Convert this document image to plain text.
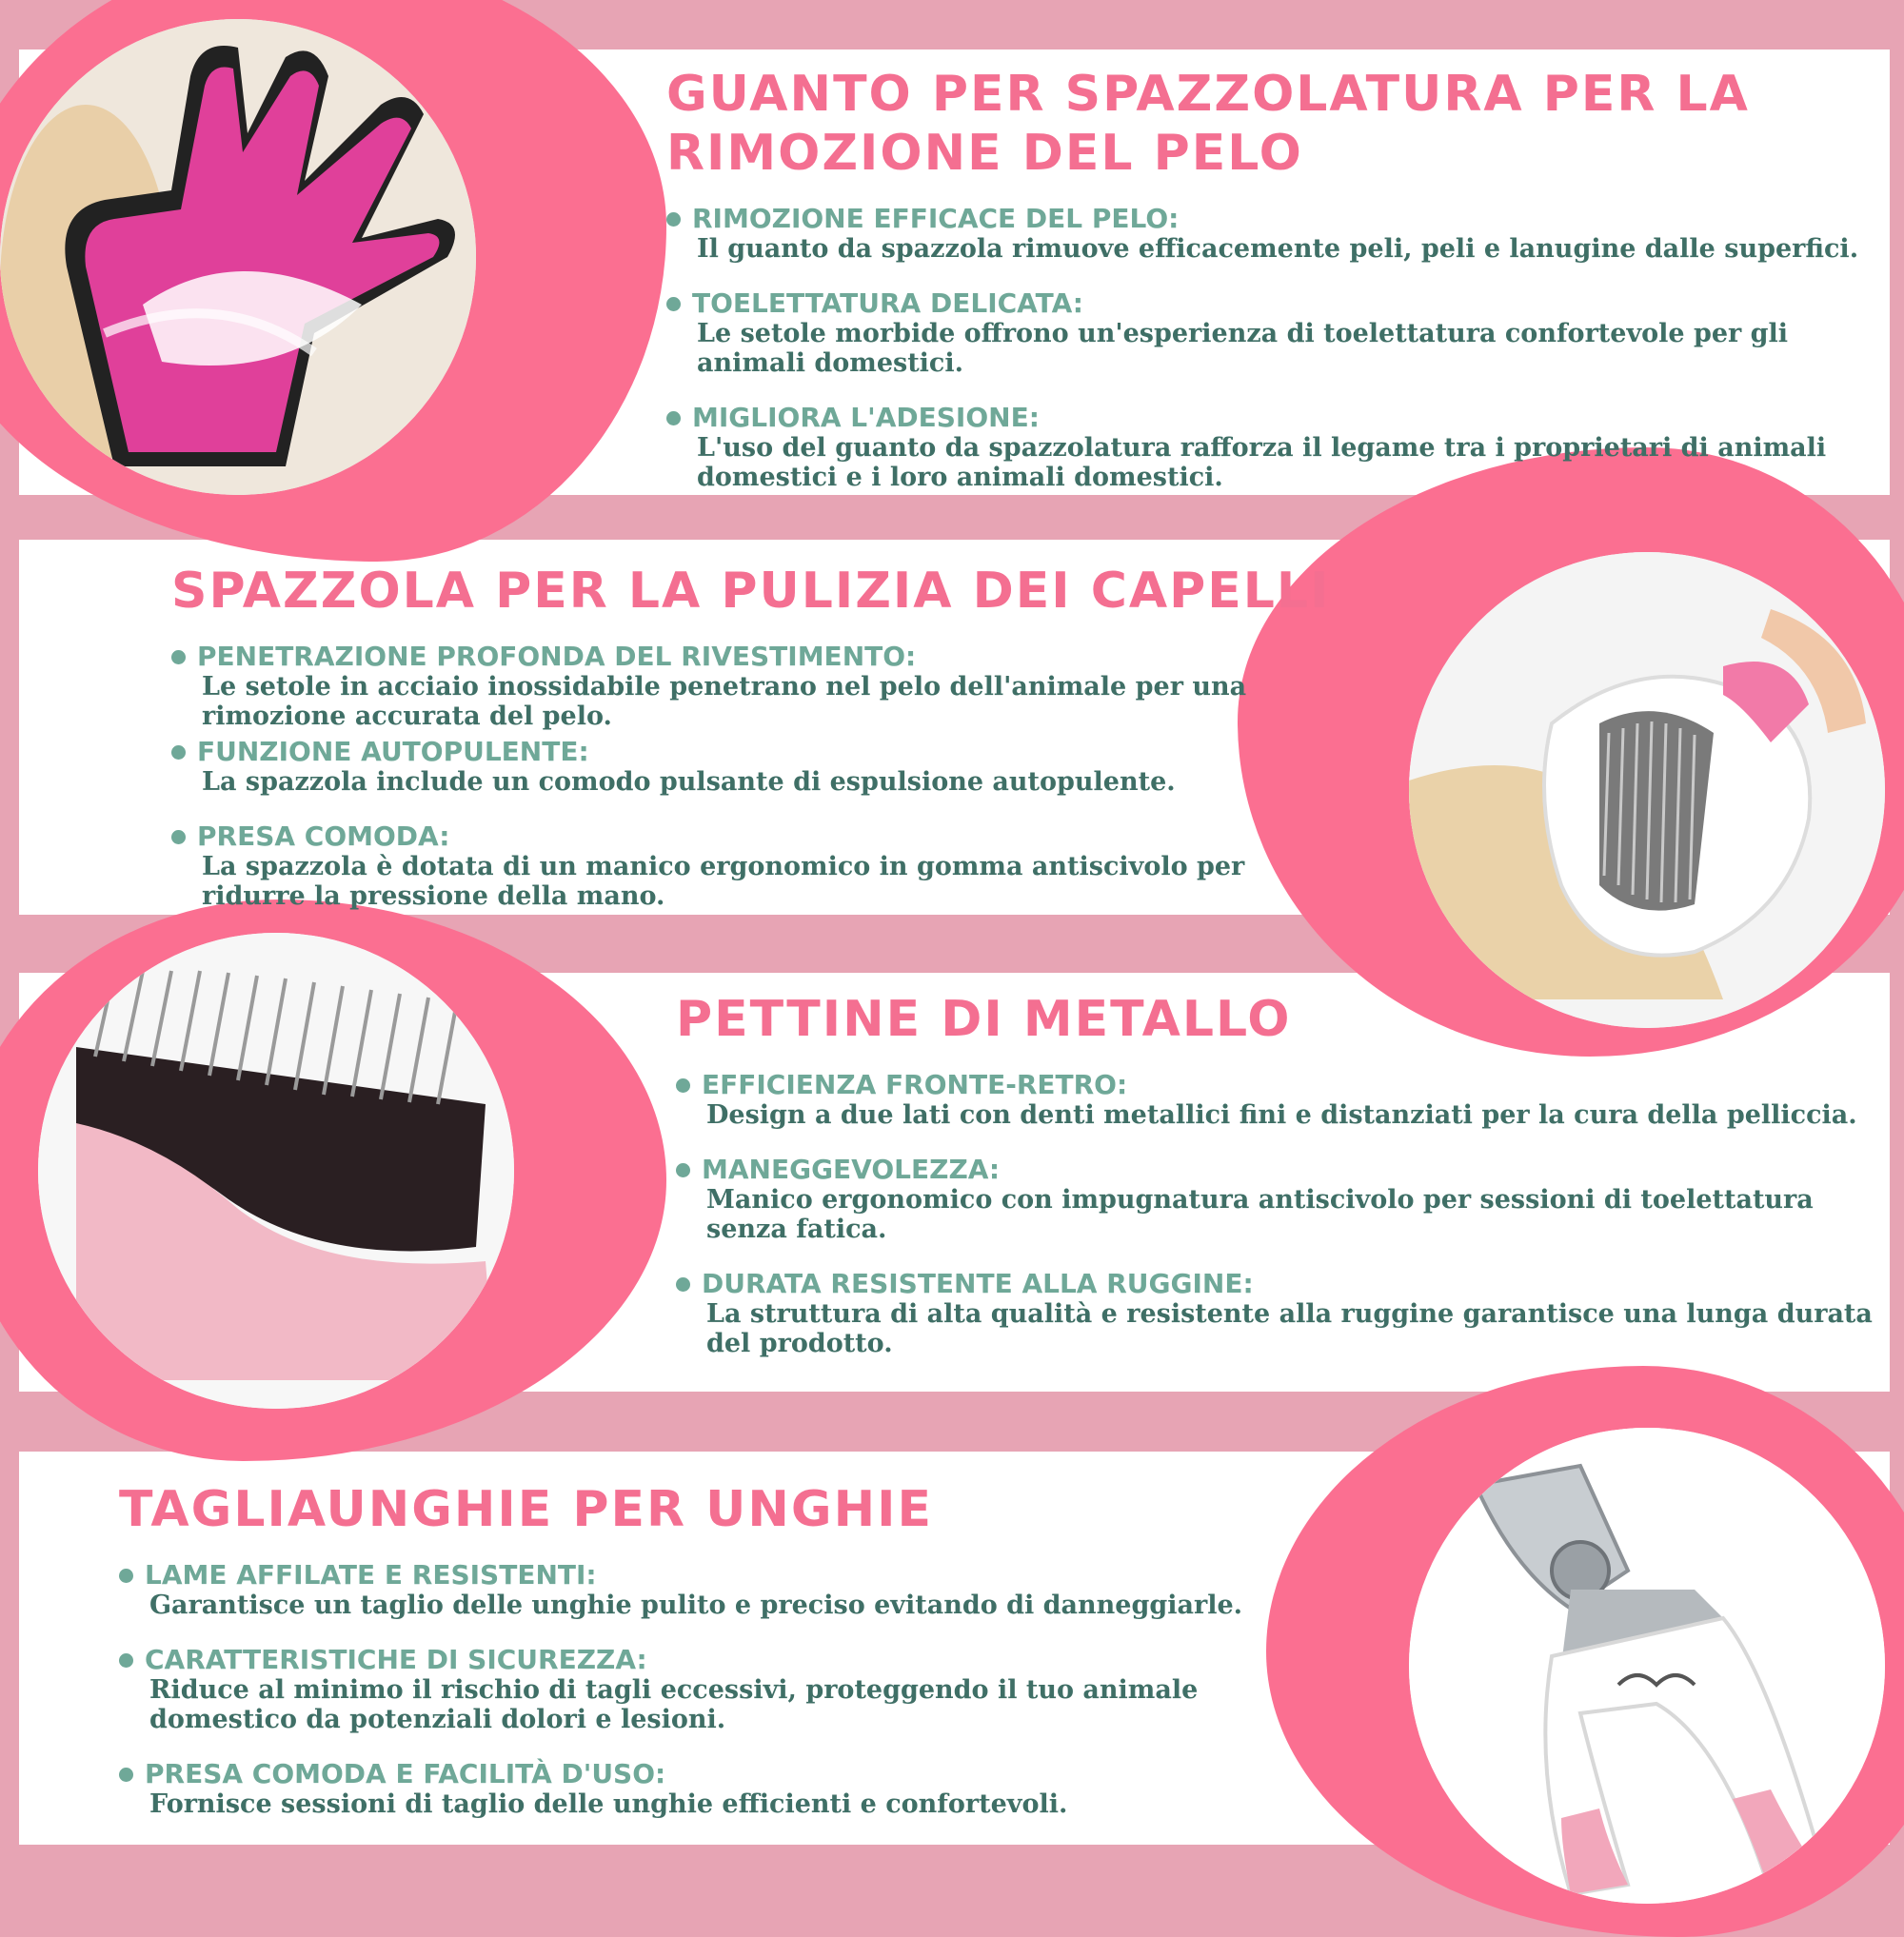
GUANTO PER SPAZZOLATURA PER LA RIMOZIONE DEL PELO
RIMOZIONE EFFICACE DEL PELO:
Il guanto da spazzola rimuove efficacemente peli, peli e lanugine dalle superfici.
TOELETTATURA DELICATA:
Le setole morbide offrono un'esperienza di toelettatura confortevole per gli animali domestici.
MIGLIORA L'ADESIONE:
L'uso del guanto da spazzolatura rafforza il legame tra i proprietari di animali domestici e i loro animali domestici.
SPAZZOLA PER LA PULIZIA DEI CAPELLI
PENETRAZIONE PROFONDA DEL RIVESTIMENTO:
Le setole in acciaio inossidabile penetrano nel pelo dell'animale per una rimozione accurata del pelo.
FUNZIONE AUTOPULENTE:
La spazzola include un comodo pulsante di espulsione autopulente.
PRESA COMODA:
La spazzola è dotata di un manico ergonomico in gomma antiscivolo per ridurre la pressione della mano.
PETTINE DI METALLO
EFFICIENZA FRONTE-RETRO:
Design a due lati con denti metallici fini e distanziati per la cura della pelliccia.
MANEGGEVOLEZZA:
Manico ergonomico con impugnatura antiscivolo per sessioni di toelettatura senza fatica.
DURATA RESISTENTE ALLA RUGGINE:
La struttura di alta qualità e resistente alla ruggine garantisce una lunga durata del prodotto.
TAGLIAUNGHIE PER UNGHIE
LAME AFFILATE E RESISTENTI:
Garantisce un taglio delle unghie pulito e preciso evitando di danneggiarle.
CARATTERISTICHE DI SICUREZZA:
Riduce al minimo il rischio di tagli eccessivi, proteggendo il tuo animale domestico da potenziali dolori e lesioni.
PRESA COMODA E FACILITÀ D'USO:
Fornisce sessioni di taglio delle unghie efficienti e confortevoli.
